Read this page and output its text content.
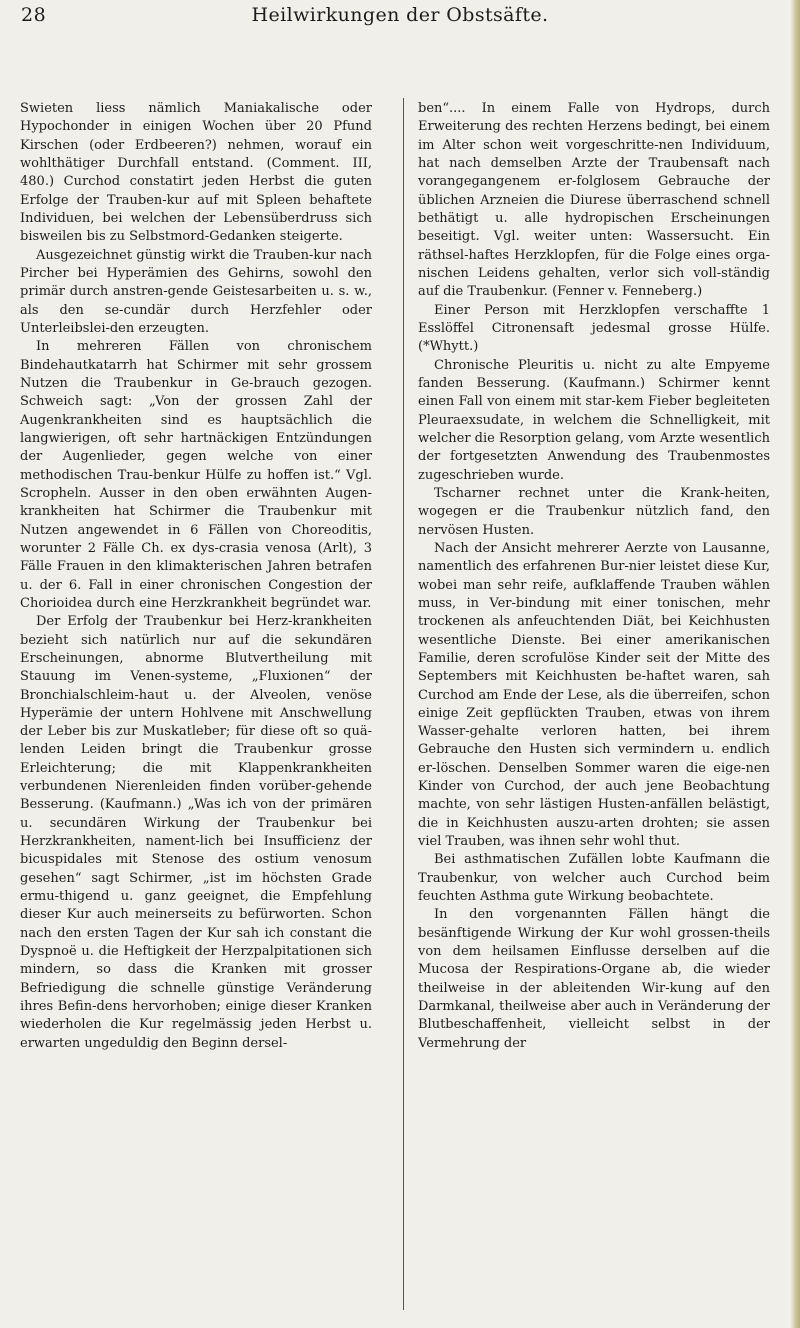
28	Heilwirkungen der Obstsäfte.

Swieten liess nämlich Maniakalische oder Hypochonder in einigen Wochen über 20 Pfund Kirschen (oder Erdbeeren?) nehmen, worauf ein wohlthätiger Durchfall entstand. (Comment. III, 480.) Curchod constatirt jeden Herbst die guten Erfolge der Trauben-kur auf mit Spleen behaftete Individuen, bei welchen der Lebensüberdruss sich bisweilen bis zu Selbstmord-Gedanken steigerte.

Ausgezeichnet günstig wirkt die Trauben-kur nach Pircher bei Hyperämien des Gehirns, sowohl den primär durch anstren-gende Geistesarbeiten u. s. w., als den se-cundär durch Herzfehler oder Unterleibslei-den erzeugten.

In mehreren Fällen von chronischem Bindehautkatarrh hat Schirmer mit sehr grossem Nutzen die Traubenkur in Ge-brauch gezogen. Schweich sagt: „Von der grossen Zahl der Augenkrankheiten sind es hauptsächlich die langwierigen, oft sehr hartnäckigen Entzündungen der Augenlieder, gegen welche von einer methodischen Trau-benkur Hülfe zu hoffen ist.“ Vgl. Scropheln. Ausser in den oben erwähnten Augen-krankheiten hat Schirmer die Traubenkur mit Nutzen angewendet in 6 Fällen von Choreoditis, worunter 2 Fälle Ch. ex dys-crasia venosa (Arlt), 3 Fälle Frauen in den klimakterischen Jahren betrafen u. der 6. Fall in einer chronischen Congestion der Chorioidea durch eine Herzkrankheit begründet war.

Der Erfolg der Traubenkur bei Herz-krankheiten bezieht sich natürlich nur auf die sekundären Erscheinungen, abnorme Blutvertheilung mit Stauung im Venen-systeme, „Fluxionen“ der Bronchialschleim-haut u. der Alveolen, venöse Hyperämie der untern Hohlvene mit Anschwellung der Leber bis zur Muskatleber; für diese oft so quä-lenden Leiden bringt die Traubenkur grosse Erleichterung; die mit Klappenkrankheiten verbundenen Nierenleiden finden vorüber-gehende Besserung. (Kaufmann.) „Was ich von der primären u. secundären Wirkung der Traubenkur bei Herzkrankheiten, nament-lich bei Insufficienz der bicuspidales mit Stenose des ostium venosum gesehen“ sagt Schirmer, „ist im höchsten Grade ermu-thigend u. ganz geeignet, die Empfehlung dieser Kur auch meinerseits zu befürworten. Schon nach den ersten Tagen der Kur sah ich constant die Dyspnoë u. die Heftigkeit der Herzpalpitationen sich mindern, so dass die Kranken mit grosser Befriedigung die schnelle günstige Veränderung ihres Befin-dens hervorhoben; einige dieser Kranken wiederholen die Kur regelmässig jeden Herbst u. erwarten ungeduldig den Beginn dersel-

ben“.... In einem Falle von Hydrops, durch Erweiterung des rechten Herzens bedingt, bei einem im Alter schon weit vorgeschritte-nen Individuum, hat nach demselben Arzte der Traubensaft nach vorangegangenem er-folglosem Gebrauche der üblichen Arzneien die Diurese überraschend schnell bethätigt u. alle hydropischen Erscheinungen beseitigt. Vgl. weiter unten: Wassersucht. Ein räthsel-haftes Herzklopfen, für die Folge eines orga-nischen Leidens gehalten, verlor sich voll-ständig auf die Traubenkur. (Fenner v. Fenneberg.)

Einer Person mit Herzklopfen verschaffte 1 Esslöffel Citronensaft jedesmal grosse Hülfe. (*Whytt.)

Chronische Pleuritis u. nicht zu alte Empyeme fanden Besserung. (Kaufmann.) Schirmer kennt einen Fall von einem mit star-kem Fieber begleiteten Pleuraexsudate, in welchem die Schnelligkeit, mit welcher die Resorption gelang, vom Arzte wesentlich der fortgesetzten Anwendung des Traubenmostes zugeschrieben wurde.

Tscharner rechnet unter die Krank-heiten, wogegen er die Traubenkur nützlich fand, den nervösen Husten.

Nach der Ansicht mehrerer Aerzte von Lausanne, namentlich des erfahrenen Bur-nier leistet diese Kur, wobei man sehr reife, aufklaffende Trauben wählen muss, in Ver-bindung mit einer tonischen, mehr trockenen als anfeuchtenden Diät, bei Keichhusten wesentliche Dienste. Bei einer amerikanischen Familie, deren scrofulöse Kinder seit der Mitte des Septembers mit Keichhusten be-haftet waren, sah Curchod am Ende der Lese, als die überreifen, schon einige Zeit gepflückten Trauben, etwas von ihrem Wasser-gehalte verloren hatten, bei ihrem Gebrauche den Husten sich vermindern u. endlich er-löschen. Denselben Sommer waren die eige-nen Kinder von Curchod, der auch jene Beobachtung machte, von sehr lästigen Husten-anfällen belästigt, die in Keichhusten auszu-arten drohten; sie assen viel Trauben, was ihnen sehr wohl thut.

Bei asthmatischen Zufällen lobte Kaufmann die Traubenkur, von welcher auch Curchod beim feuchten Asthma gute Wirkung beobachtete.

In den vorgenannten Fällen hängt die besänftigende Wirkung der Kur wohl grossen-theils von dem heilsamen Einflusse derselben auf die Mucosa der Respirations-Organe ab, die wieder theilweise in der ableitenden Wir-kung auf den Darmkanal, theilweise aber auch in Veränderung der Blutbeschaffenheit, vielleicht selbst in der Vermehrung der
